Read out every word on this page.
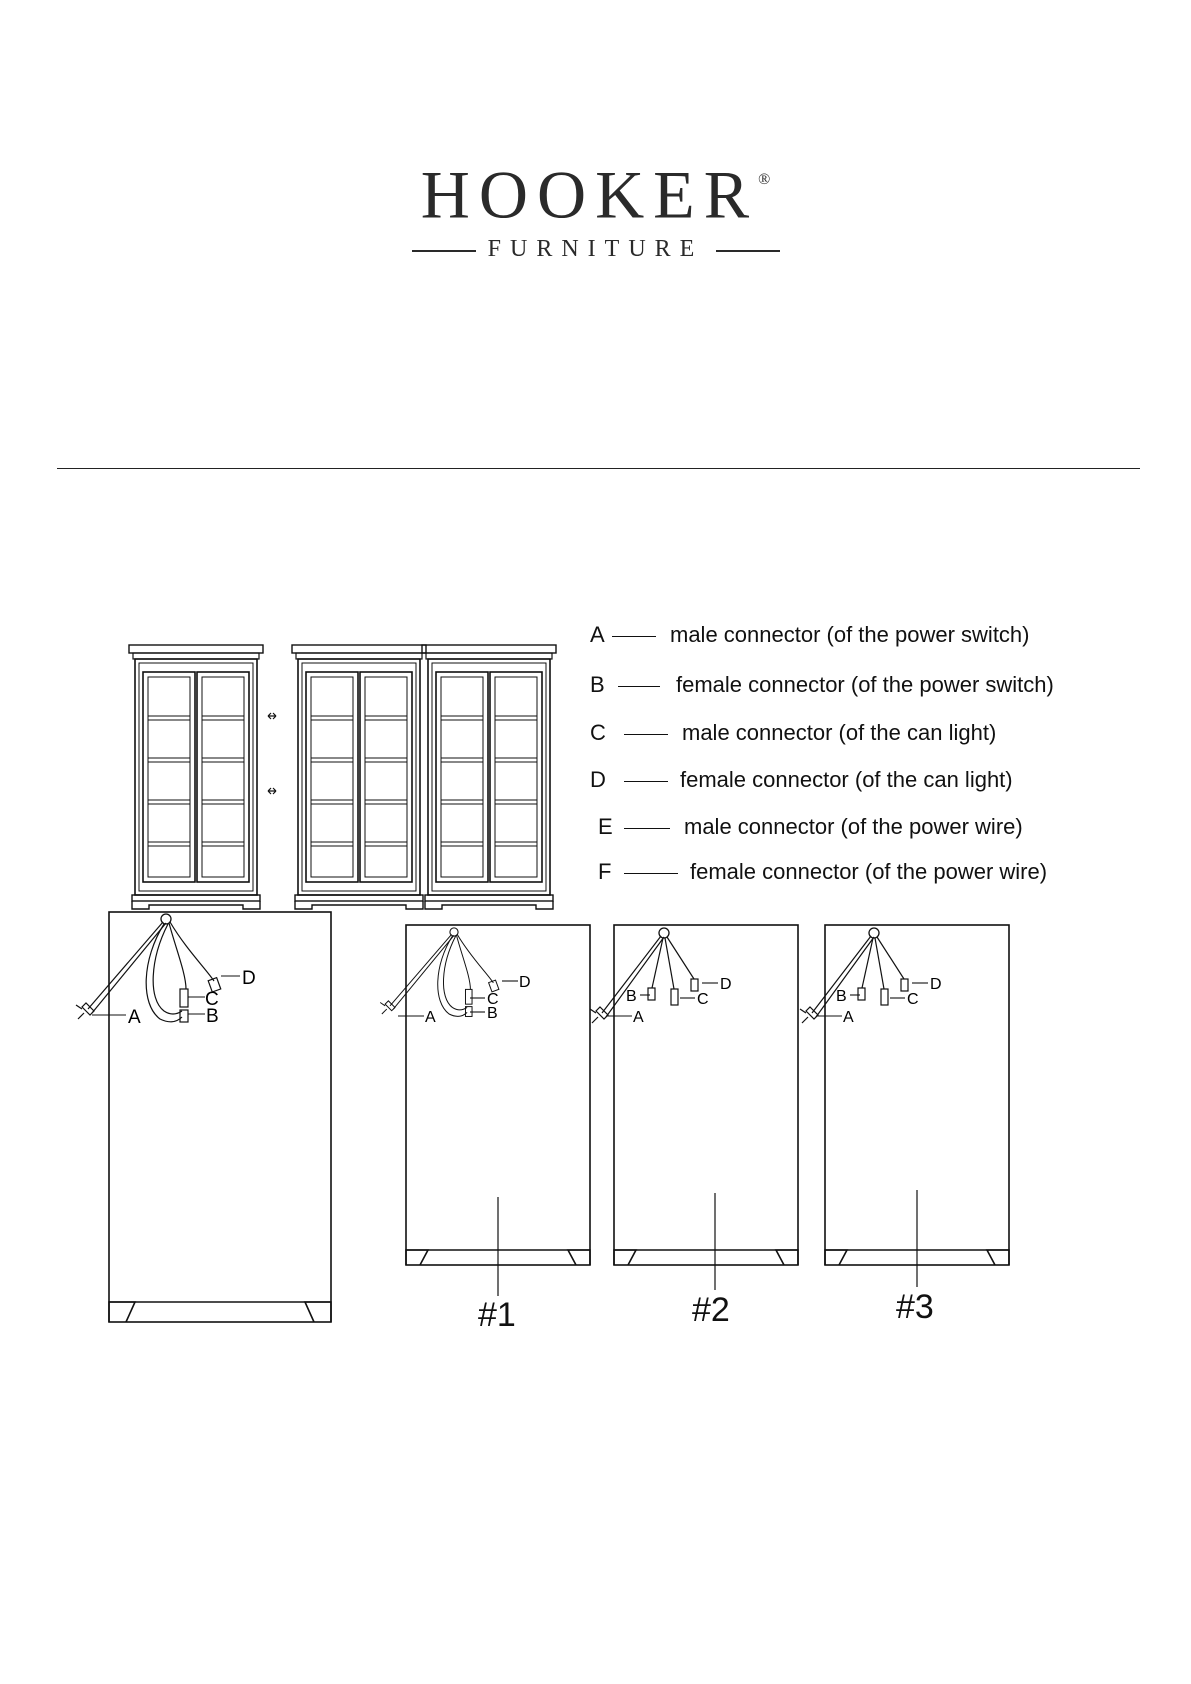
HOOKER®
FURNITURE
A	male connector (of the power switch)
B	female connector (of the power switch)
C	male connector (of the can light)
D	female connector (of the can light)
E	male connector (of the power wire)
F	female connector (of the power wire)
#1	#2	#3
A	B
C
D
A	B
C
D
A
B	C
D
A
B	C
D
